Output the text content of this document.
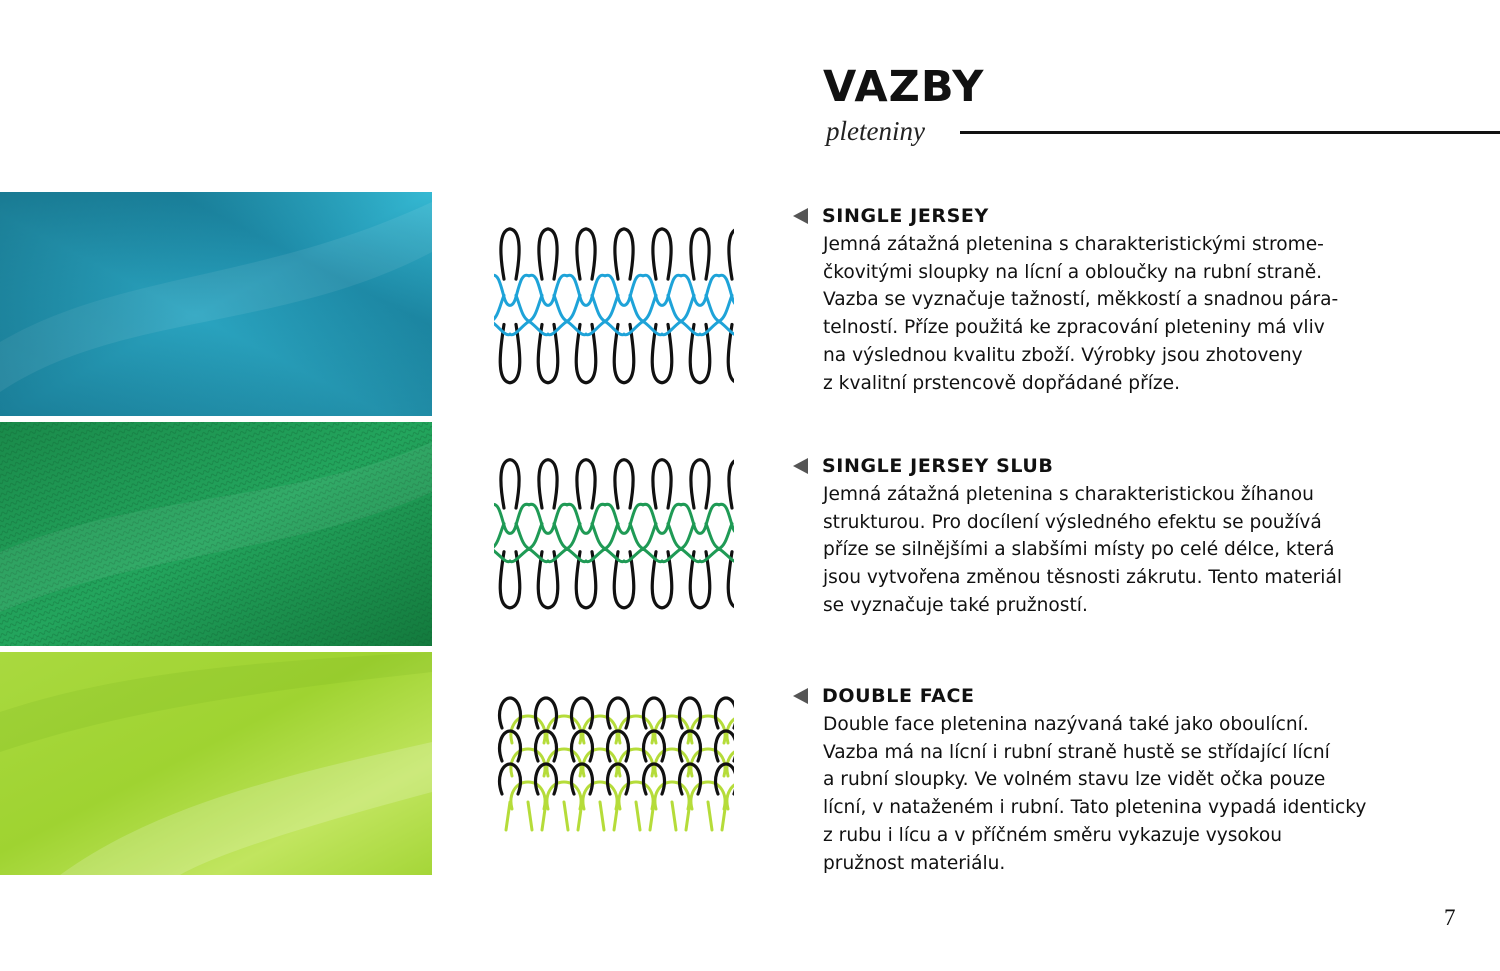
VAZBY
pleteniny
SINGLE JERSEY
Jemná zátažná pletenina s charakteristickými strome-
čkovitými sloupky na lícní a obloučky na rubní straně.
Vazba se vyznačuje tažností, měkkostí a snadnou pára-
telností. Příze použitá ke zpracování pleteniny má vliv
na výslednou kvalitu zboží. Výrobky jsou zhotoveny
z kvalitní prstencově dopřádané příze.
SINGLE JERSEY SLUB
Jemná zátažná pletenina s charakteristickou žíhanou
strukturou. Pro docílení výsledného efektu se používá
příze se silnějšími a slabšími místy po celé délce, která
jsou vytvořena změnou těsnosti zákrutu. Tento materiál
se vyznačuje také pružností.
DOUBLE FACE
Double face pletenina nazývaná také jako oboulícní.
Vazba má na lícní i rubní straně hustě se střídající lícní
a rubní sloupky. Ve volném stavu lze vidět očka pouze
lícní, v nataženém i rubní. Tato pletenina vypadá identicky
z rubu i lícu a v příčném směru vykazuje vysokou
pružnost materiálu.
7
